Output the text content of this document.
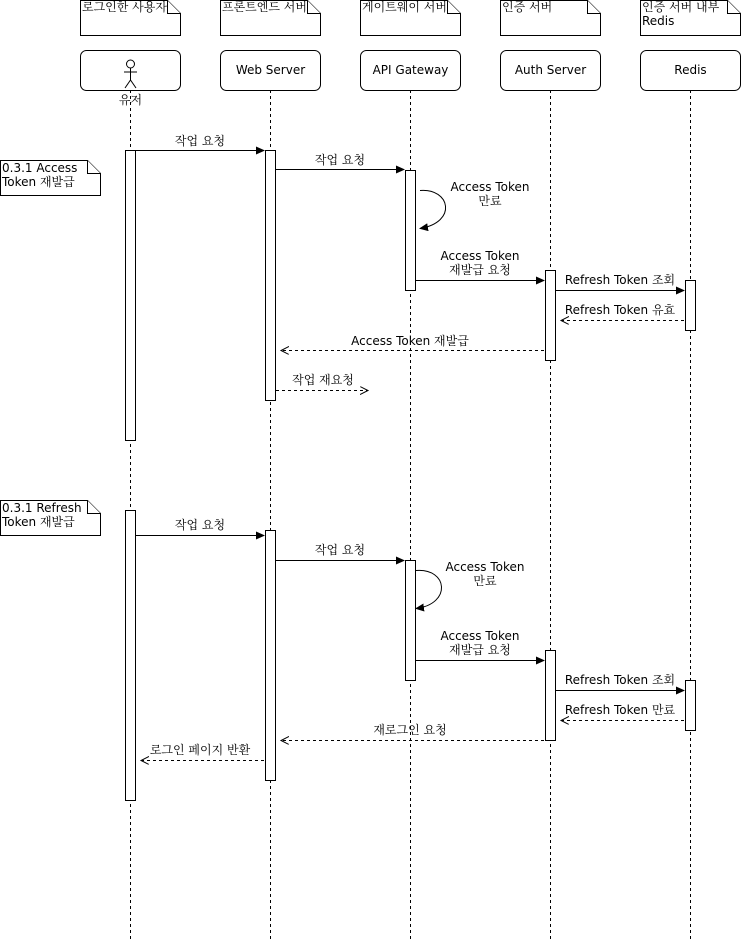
로그인한 사용자	프론트엔드 서버	게이트웨이 서버	인증 서버	인증 서버 내부
Redis
유저
Web Server	API Gateway	Auth Server	Redis
0.3.1 Access
Token 재발급
작업 요청
작업 요청
Access Token
만료
Access Token
재발급 요청
Refresh Token 조회
Refresh Token 유효
Access Token 재발급
작업 재요청
0.3.1 Refresh
Token 재발급	작업 요청
작업 요청
Access Token
만료
Access Token
재발급 요청
Refresh Token 조회
Refresh Token 만료
재로그인 요청
로그인 페이지 반환
